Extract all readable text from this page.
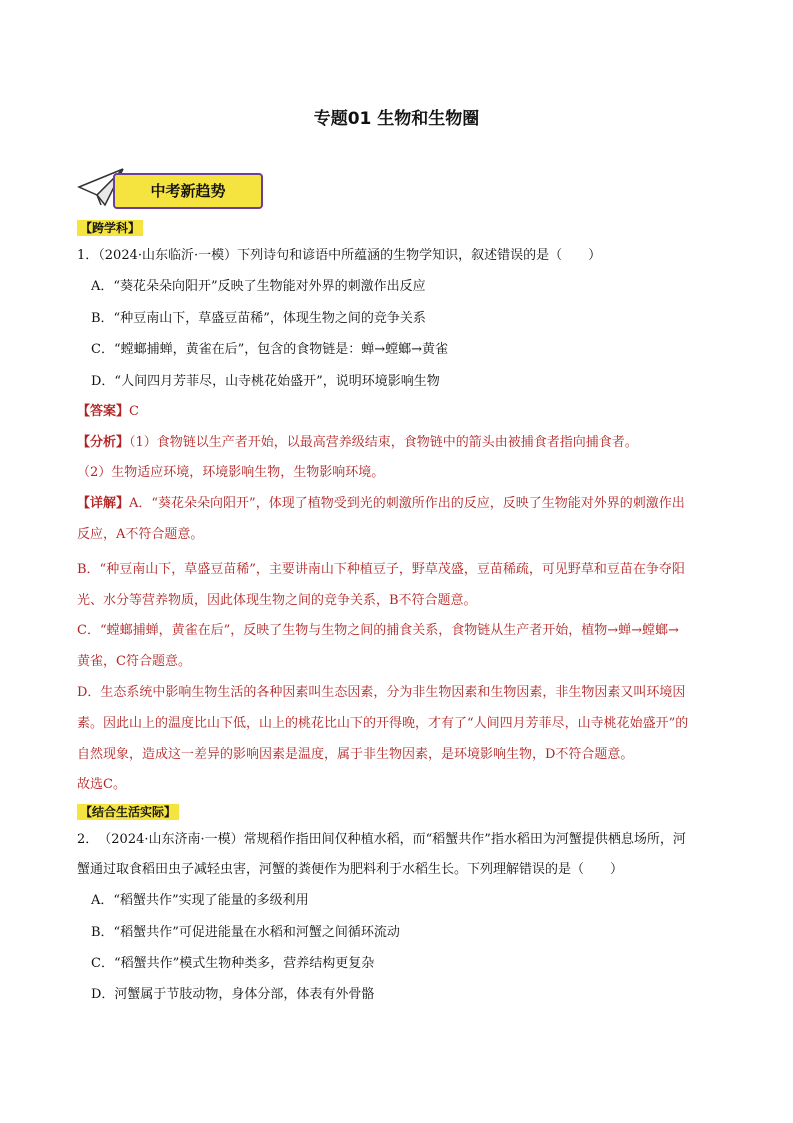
专题01 生物和生物圈
中考新趋势
【跨学科】
1．（2024·山东临沂·一模）下列诗句和谚语中所蕴涵的生物学知识，叙述错误的是（　　）
A．“葵花朵朵向阳开”反映了生物能对外界的刺激作出反应
B．“种豆南山下，草盛豆苗稀”，体现生物之间的竞争关系
C．“螳螂捕蝉，黄雀在后”，包含的食物链是：蝉→螳螂→黄雀
D．“人间四月芳菲尽，山寺桃花始盛开”，说明环境影响生物
【答案】C
【分析】（1）食物链以生产者开始，以最高营养级结束，食物链中的箭头由被捕食者指向捕食者。
（2）生物适应环境，环境影响生物，生物影响环境。
【详解】A．“葵花朵朵向阳开”，体现了植物受到光的刺激所作出的反应，反映了生物能对外界的刺激作出
反应，A不符合题意。
B．“种豆南山下，草盛豆苗稀”，主要讲南山下种植豆子，野草茂盛，豆苗稀疏，可见野草和豆苗在争夺阳
光、水分等营养物质，因此体现生物之间的竞争关系，B不符合题意。
C．“螳螂捕蝉，黄雀在后”，反映了生物与生物之间的捕食关系，食物链从生产者开始，植物→蝉→螳螂→
黄雀，C符合题意。
D．生态系统中影响生物生活的各种因素叫生态因素，分为非生物因素和生物因素，非生物因素又叫环境因
素。因此山上的温度比山下低，山上的桃花比山下的开得晚，才有了“人间四月芳菲尽，山寺桃花始盛开”的
自然现象，造成这一差异的影响因素是温度，属于非生物因素，是环境影响生物，D不符合题意。
故选C。
【结合生活实际】
2．　（2024·山东济南·一模）常规稻作指田间仅种植水稻，而“稻蟹共作”指水稻田为河蟹提供栖息场所，河
蟹通过取食稻田虫子减轻虫害，河蟹的粪便作为肥料利于水稻生长。下列理解错误的是（　　）
A．“稻蟹共作”实现了能量的多级利用
B．“稻蟹共作”可促进能量在水稻和河蟹之间循环流动
C．“稻蟹共作”模式生物种类多，营养结构更复杂
D．河蟹属于节肢动物，身体分部，体表有外骨骼
